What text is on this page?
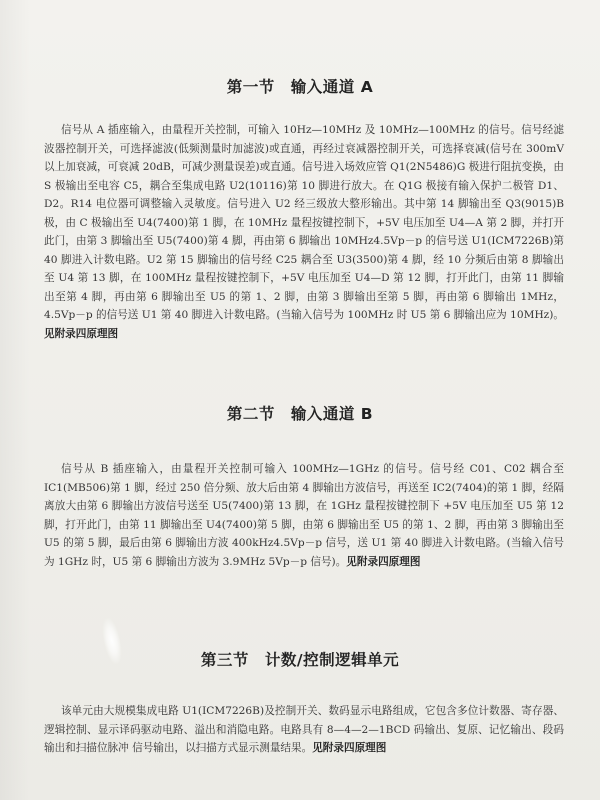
第一节 输入通道 A
信号从 A 插座输入，由量程开关控制，可输入 10Hz—10MHz 及 10MHz—100MHz 的信号。信号经滤波器控制开关，可选择滤波(低频测量时加滤波)或直通，再经过衰减器控制开关，可选择衰减(信号在 300mV 以上加衰减，可衰减 20dB，可减少测量误差)或直通。信号进入场效应管 Q1(2N5486)G 极进行阻抗变换，由 S 极输出至电容 C5，耦合至集成电路 U2(10116)第 10 脚进行放大。在 Q1G 极接有输入保护二极管 D1、D2。R14 电位器可调整输入灵敏度。信号进入 U2 经三级放大整形输出。其中第 14 脚输出至 Q3(9015)B 极，由 C 极输出至 U4(7400)第 1 脚，在 10MHz 量程按键控制下，+5V 电压加至 U4—A 第 2 脚，并打开此门，由第 3 脚输出至 U5(7400)第 4 脚，再由第 6 脚输出 10MHz4.5Vp－p 的信号送 U1(ICM7226B)第 40 脚进入计数电路。U2 第 15 脚输出的信号经 C25 耦合至 U3(3500)第 4 脚，经 10 分频后由第 8 脚输出至 U4 第 13 脚，在 100MHz 量程按键控制下，+5V 电压加至 U4—D 第 12 脚，打开此门，由第 11 脚输出至第 4 脚，再由第 6 脚输出至 U5 的第 1、2 脚，由第 3 脚输出至第 5 脚，再由第 6 脚输出 1MHz，4.5Vp－p 的信号送 U1 第 40 脚进入计数电路。(当输入信号为 100MHz 时 U5 第 6 脚输出应为 10MHz)。见附录四原理图
第二节 输入通道 B
信号从 B 插座输入，由量程开关控制可输入 100MHz—1GHz 的信号。信号经 C01、C02 耦合至 IC1(MB506)第 1 脚，经过 250 倍分频、放大后由第 4 脚输出方波信号，再送至 IC2(7404)的第 1 脚，经隔离放大由第 6 脚输出方波信号送至 U5(7400)第 13 脚，在 1GHz 量程按键控制下 +5V 电压加至 U5 第 12 脚，打开此门，由第 11 脚输出至 U4(7400)第 5 脚，由第 6 脚输出至 U5 的第 1、2 脚，再由第 3 脚输出至 U5 的第 5 脚，最后由第 6 脚输出方波 400kHz4.5Vp－p 信号，送 U1 第 40 脚进入计数电路。(当输入信号为 1GHz 时，U5 第 6 脚输出方波为 3.9MHz 5Vp－p 信号)。见附录四原理图
第三节 计数/控制逻辑单元
该单元由大规模集成电路 U1(ICM7226B)及控制开关、数码显示电路组成，它包含多位计数器、寄存器、逻辑控制、显示译码驱动电路、溢出和消隐电路。电路具有 8—4—2—1BCD 码输出、复原、记忆输出、段码输出和扫描位脉冲 信号输出，以扫描方式显示测量结果。见附录四原理图
